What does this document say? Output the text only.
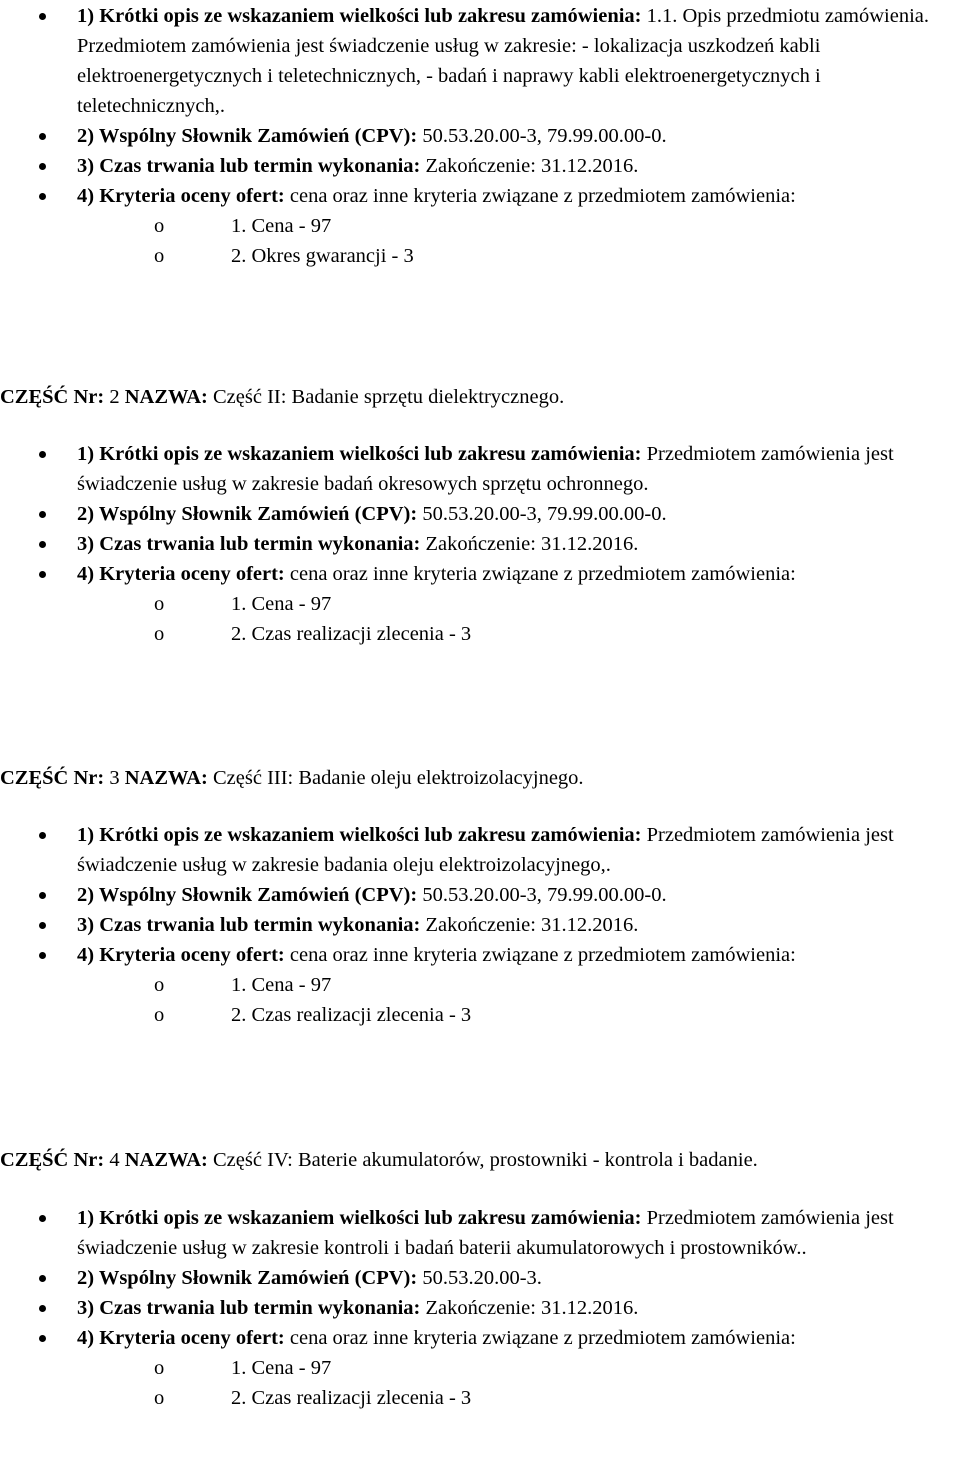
1) Krótki opis ze wskazaniem wielkości lub zakresu zamówienia: 1.1. Opis przedmiotu zamówienia. Przedmiotem zamówienia jest świadczenie usług w zakresie: - lokalizacja uszkodzeń kabli elektroenergetycznych i teletechnicznych, - badań i naprawy kabli elektroenergetycznych i teletechnicznych,.
2) Wspólny Słownik Zamówień (CPV): 50.53.20.00-3, 79.99.00.00-0.
3) Czas trwania lub termin wykonania: Zakończenie: 31.12.2016.
4) Kryteria oceny ofert: cena oraz inne kryteria związane z przedmiotem zamówienia:
o	1. Cena - 97
o	2. Okres gwarancji - 3
CZĘŚĆ Nr: 2 NAZWA: Część II: Badanie sprzętu dielektrycznego.
1) Krótki opis ze wskazaniem wielkości lub zakresu zamówienia: Przedmiotem zamówienia jest świadczenie usług w zakresie badań okresowych sprzętu ochronnego.
2) Wspólny Słownik Zamówień (CPV): 50.53.20.00-3, 79.99.00.00-0.
3) Czas trwania lub termin wykonania: Zakończenie: 31.12.2016.
4) Kryteria oceny ofert: cena oraz inne kryteria związane z przedmiotem zamówienia:
o	1. Cena - 97
o	2. Czas realizacji zlecenia - 3
CZĘŚĆ Nr: 3 NAZWA: Część III: Badanie oleju elektroizolacyjnego.
1) Krótki opis ze wskazaniem wielkości lub zakresu zamówienia: Przedmiotem zamówienia jest świadczenie usług w zakresie badania oleju elektroizolacyjnego,.
2) Wspólny Słownik Zamówień (CPV): 50.53.20.00-3, 79.99.00.00-0.
3) Czas trwania lub termin wykonania: Zakończenie: 31.12.2016.
4) Kryteria oceny ofert: cena oraz inne kryteria związane z przedmiotem zamówienia:
o	1. Cena - 97
o	2. Czas realizacji zlecenia - 3
CZĘŚĆ Nr: 4 NAZWA: Część IV: Baterie akumulatorów, prostowniki - kontrola i badanie.
1) Krótki opis ze wskazaniem wielkości lub zakresu zamówienia: Przedmiotem zamówienia jest świadczenie usług w zakresie kontroli i badań baterii akumulatorowych i prostowników..
2) Wspólny Słownik Zamówień (CPV): 50.53.20.00-3.
3) Czas trwania lub termin wykonania: Zakończenie: 31.12.2016.
4) Kryteria oceny ofert: cena oraz inne kryteria związane z przedmiotem zamówienia:
o	1. Cena - 97
o	2. Czas realizacji zlecenia - 3
